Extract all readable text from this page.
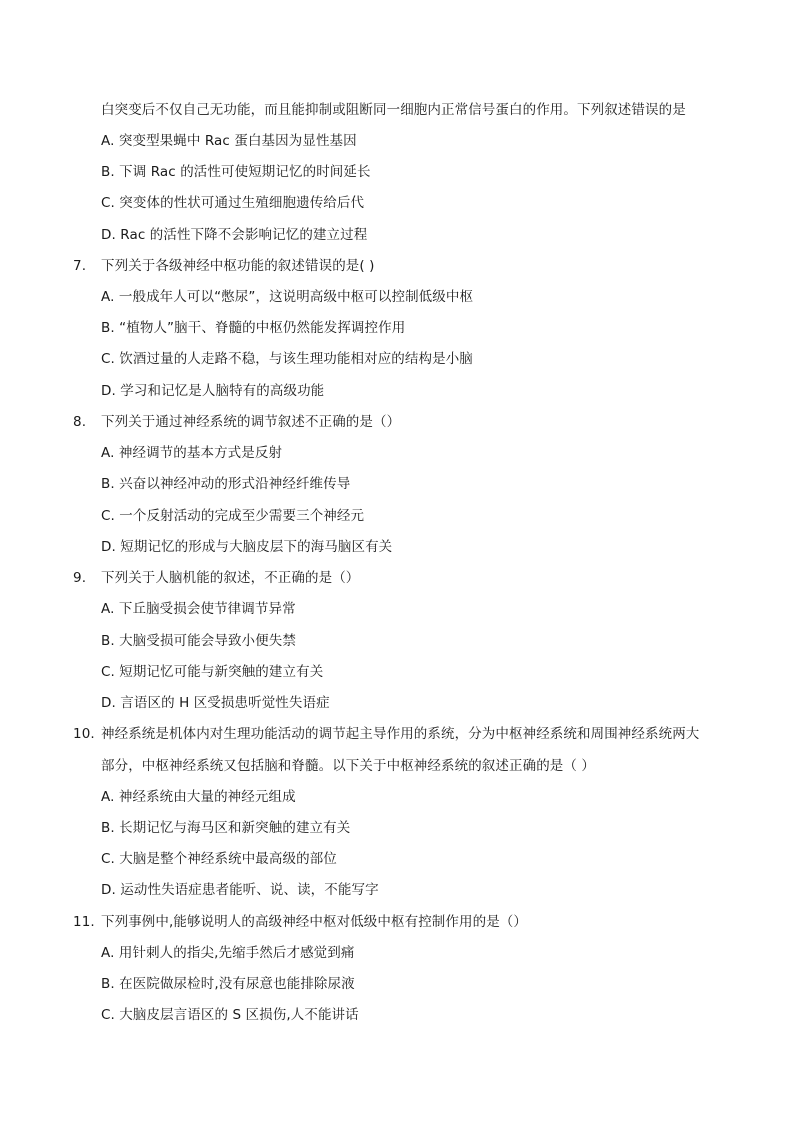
白突变后不仅自己无功能，而且能抑制或阻断同一细胞内正常信号蛋白的作用。下列叙述错误的是
A. 突变型果蝇中 Rac 蛋白基因为显性基因
B. 下调 Rac 的活性可使短期记忆的时间延长
C. 突变体的性状可通过生殖细胞遗传给后代
D. Rac 的活性下降不会影响记忆的建立过程
7. 下列关于各级神经中枢功能的叙述错误的是( )
A. 一般成年人可以“憋尿”，这说明高级中枢可以控制低级中枢
B. “植物人”脑干、脊髓的中枢仍然能发挥调控作用
C. 饮酒过量的人走路不稳，与该生理功能相对应的结构是小脑
D. 学习和记忆是人脑特有的高级功能
8. 下列关于通过神经系统的调节叙述不正确的是（）
A. 神经调节的基本方式是反射
B. 兴奋以神经冲动的形式沿神经纤维传导
C. 一个反射活动的完成至少需要三个神经元
D. 短期记忆的形成与大脑皮层下的海马脑区有关
9. 下列关于人脑机能的叙述，不正确的是（）
A. 下丘脑受损会使节律调节异常
B. 大脑受损可能会导致小便失禁
C. 短期记忆可能与新突触的建立有关
D. 言语区的 H 区受损患听觉性失语症
10. 神经系统是机体内对生理功能活动的调节起主导作用的系统，分为中枢神经系统和周围神经系统两大
部分，中枢神经系统又包括脑和脊髓。以下关于中枢神经系统的叙述正确的是（ ）
A. 神经系统由大量的神经元组成
B. 长期记忆与海马区和新突触的建立有关
C. 大脑是整个神经系统中最高级的部位
D. 运动性失语症患者能听、说、读，不能写字
11. 下列事例中,能够说明人的高级神经中枢对低级中枢有控制作用的是（）
A. 用针刺人的指尖,先缩手然后才感觉到痛
B. 在医院做尿检时,没有尿意也能排除尿液
C. 大脑皮层言语区的 S 区损伤,人不能讲话
